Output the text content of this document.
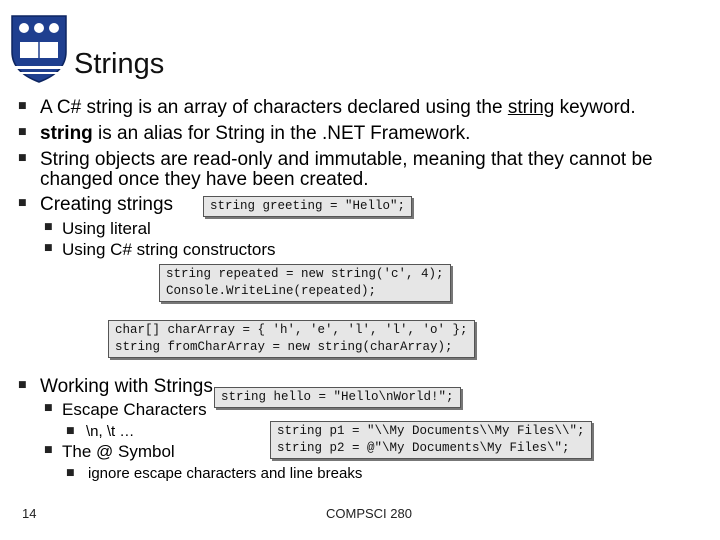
Strings
■ A C# string is an array of characters declared using the string keyword.
■ string is an alias for String in the .NET Framework.
■ String objects are read-only and immutable, meaning that they cannot be
changed once they have been created.
■ Creating strings	string greeting = "Hello";
■ Using literal
■ Using C# string constructors
string repeated = new string('c', 4);
Console.WriteLine(repeated);
char[] charArray = { 'h', 'e', 'l', 'l', 'o' };
string fromCharArray = new string(charArray);
■ Working with Strings string hello = "Hello\nWorld!";
■ Escape Characters
■ \n, \t …	string p1 = "\\My Documents\\My Files\\";
string p2 = @"\My Documents\My Files\";
■ The @ Symbol
■ ignore escape characters and line breaks
14	COMPSCI 280
